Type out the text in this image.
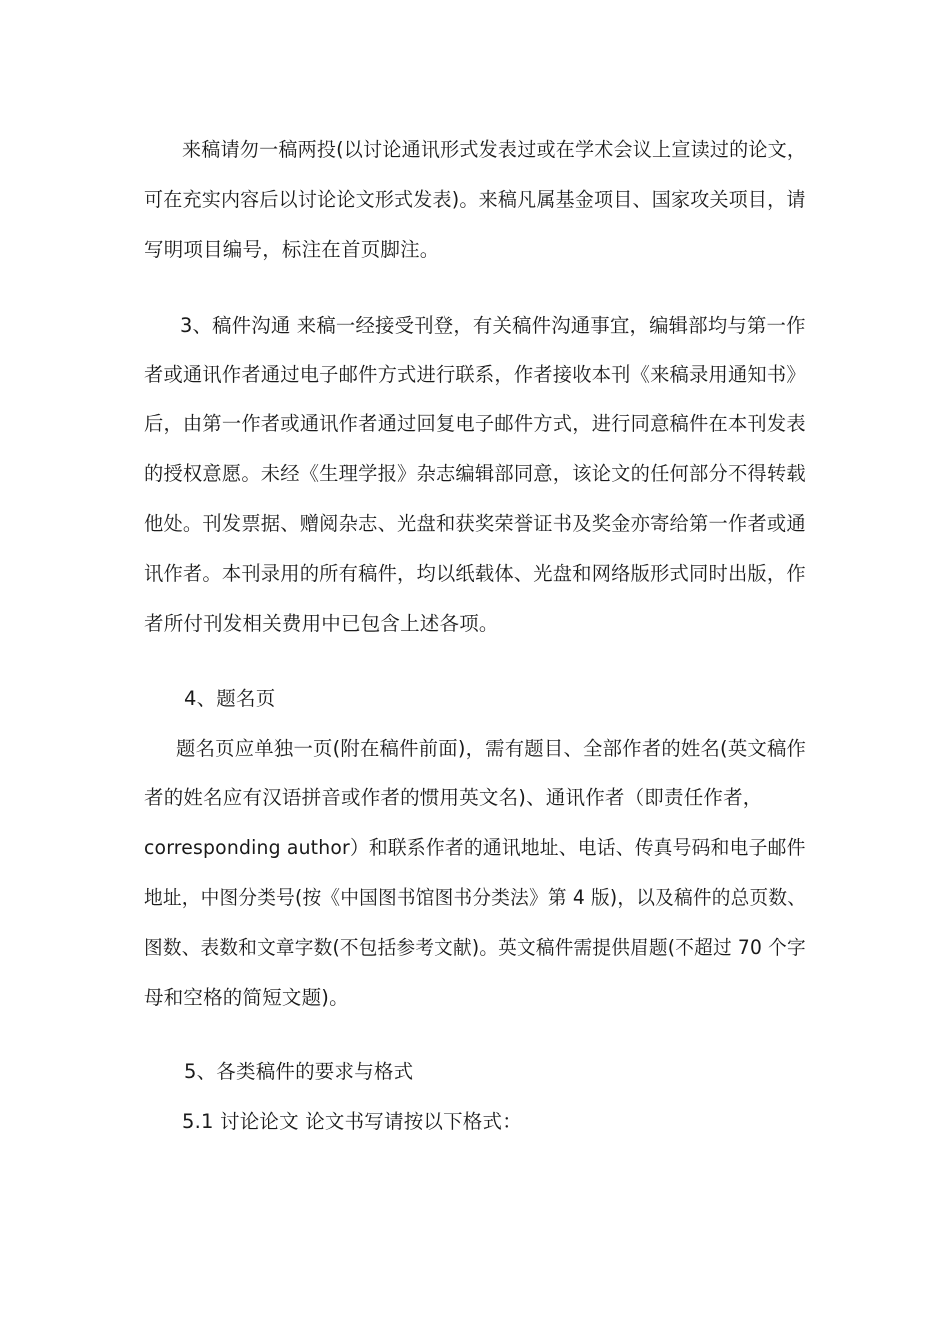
来稿请勿一稿两投(以讨论通讯形式发表过或在学术会议上宣读过的论文，
可在充实内容后以讨论论文形式发表)。来稿凡属基金项目、国家攻关项目，请
写明项目编号，标注在首页脚注。
3、稿件沟通 来稿一经接受刊登，有关稿件沟通事宜，编辑部均与第一作
者或通讯作者通过电子邮件方式进行联系，作者接收本刊《来稿录用通知书》
后，由第一作者或通讯作者通过回复电子邮件方式，进行同意稿件在本刊发表
的授权意愿。未经《生理学报》杂志编辑部同意，该论文的任何部分不得转载
他处。刊发票据、赠阅杂志、光盘和获奖荣誉证书及奖金亦寄给第一作者或通
讯作者。本刊录用的所有稿件，均以纸载体、光盘和网络版形式同时出版，作
者所付刊发相关费用中已包含上述各项。
4、题名页
题名页应单独一页(附在稿件前面)，需有题目、全部作者的姓名(英文稿作
者的姓名应有汉语拼音或作者的惯用英文名)、通讯作者（即责任作者，
corresponding author）和联系作者的通讯地址、电话、传真号码和电子邮件
地址，中图分类号(按《中国图书馆图书分类法》第 4 版)，以及稿件的总页数、
图数、表数和文章字数(不包括参考文献)。英文稿件需提供眉题(不超过 70 个字
母和空格的简短文题)。
5、各类稿件的要求与格式
5.1 讨论论文 论文书写请按以下格式：
